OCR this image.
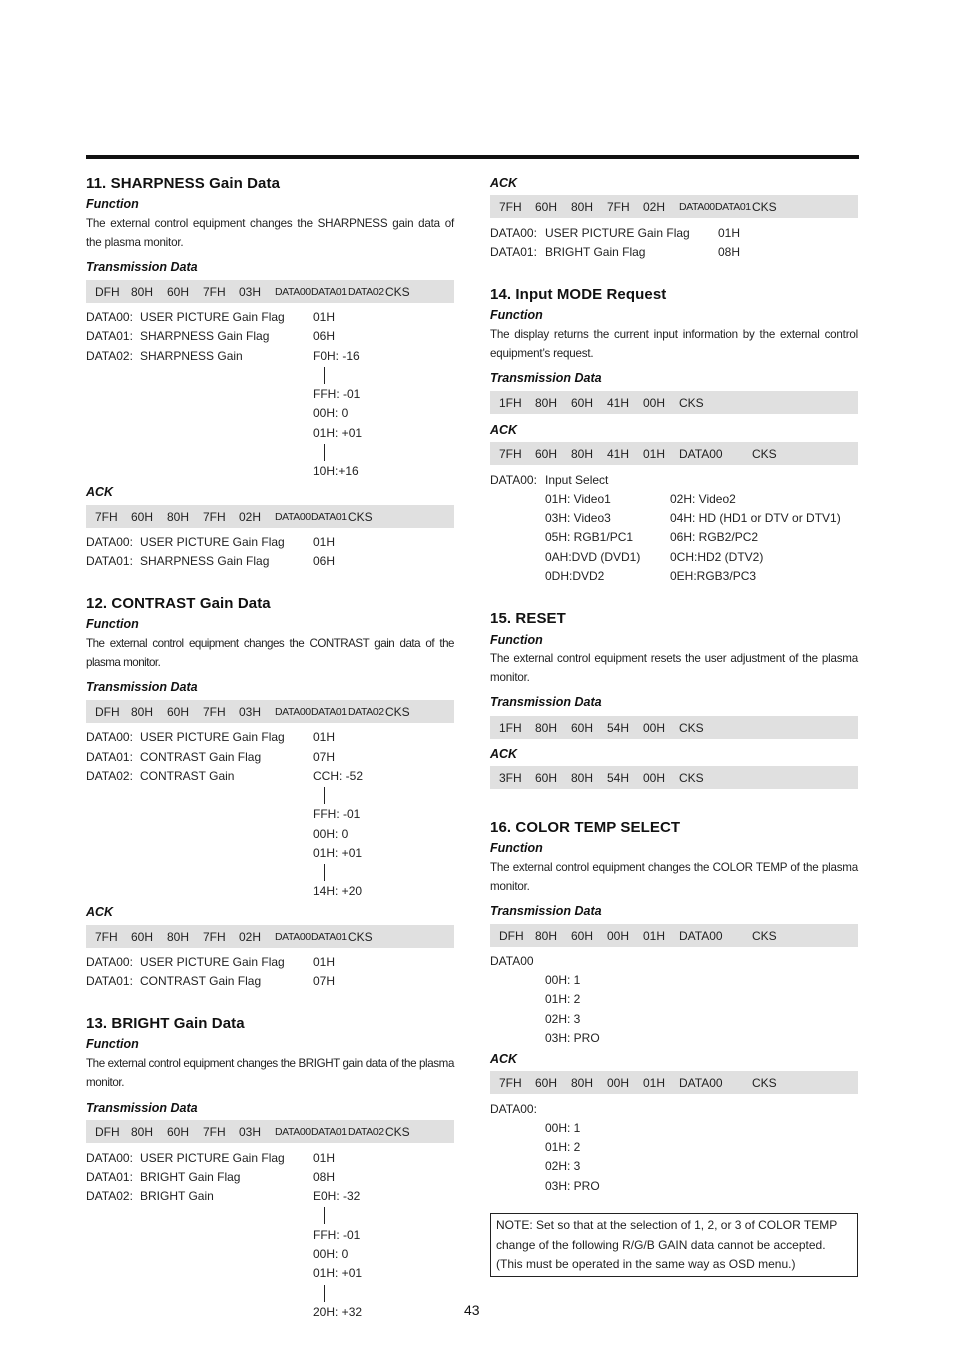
11. SHARPNESS Gain Data
Function
The external control equipment changes the SHARPNESS gain data of the plasma monitor.
Transmission Data
DFH 80H	60H	7FH	03H	DATA00 DATA01 DATA02 CKS
DATA00: USER PICTURE Gain Flag 01H
DATA01: SHARPNESS Gain Flag	06H
DATA02: SHARPNESS Gain	F0H: -16
FFH: -01
00H: 0
01H: +01
10H:+16
ACK
7FH	60H	80H	7FH	02H	DATA00 DATA01 CKS
DATA00: USER PICTURE Gain Flag 01H
DATA01: SHARPNESS Gain Flag	06H
12. CONTRAST Gain Data
Function
The external control equipment changes the CONTRAST gain data of the plasma monitor.
Transmission Data
DFH 80H	60H	7FH	03H	DATA00 DATA01 DATA02 CKS
DATA00: USER PICTURE Gain Flag 01H
DATA01: CONTRAST Gain Flag	07H
DATA02: CONTRAST Gain	CCH: -52
FFH: -01
00H: 0
01H: +01
14H: +20
ACK
7FH	60H	80H	7FH	02H	DATA00 DATA01 CKS
DATA00: USER PICTURE Gain Flag 01H
DATA01: CONTRAST Gain Flag	07H
13. BRIGHT Gain Data
Function
The external control equipment changes the BRIGHT gain data of the plasma monitor.
Transmission Data
DFH 80H	60H	7FH	03H	DATA00 DATA01 DATA02 CKS
DATA00: USER PICTURE Gain Flag 01H
DATA01: BRIGHT Gain Flag	08H
DATA02: BRIGHT Gain	E0H: -32
FFH: -01
00H: 0
01H: +01
20H: +32
ACK
7FH	60H	80H	7FH	02H	DATA00 DATA01 CKS
DATA00: USER PICTURE Gain Flag 01H
DATA01: BRIGHT Gain Flag	08H
14. Input MODE Request
Function
The display returns the current input information by the external control equipment’s request.
Transmission Data
1FH	80H	60H	41H	00H	CKS
ACK
7FH	60H	80H	41H	01H	DATA00	CKS
DATA00: Input Select
01H: Video1	02H: Video2
03H: Video3	04H: HD (HD1 or DTV or DTV1)
05H: RGB1/PC1	06H: RGB2/PC2
0AH:DVD (DVD1) 0CH:HD2 (DTV2)
0DH:DVD2	0EH:RGB3/PC3
15. RESET
Function
The external control equipment resets the user adjustment of the plasma monitor.
Transmission Data
1FH	80H	60H	54H	00H	CKS
ACK
3FH	60H	80H	54H	00H	CKS
16. COLOR TEMP SELECT
Function
The external control equipment changes the COLOR TEMP of the plasma monitor.
Transmission Data
DFH 80H	60H	00H	01H	DATA00	CKS
DATA00
00H: 1
01H: 2
02H: 3
03H: PRO
ACK
7FH	60H	80H	00H	01H	DATA00	CKS
DATA00:
00H: 1
01H: 2
02H: 3
03H: PRO
NOTE: Set so that at the selection of 1, 2, or 3 of COLOR TEMP
change of the following R/G/B GAIN data cannot be accepted.
(This must be operated in the same way as OSD menu.)
43
